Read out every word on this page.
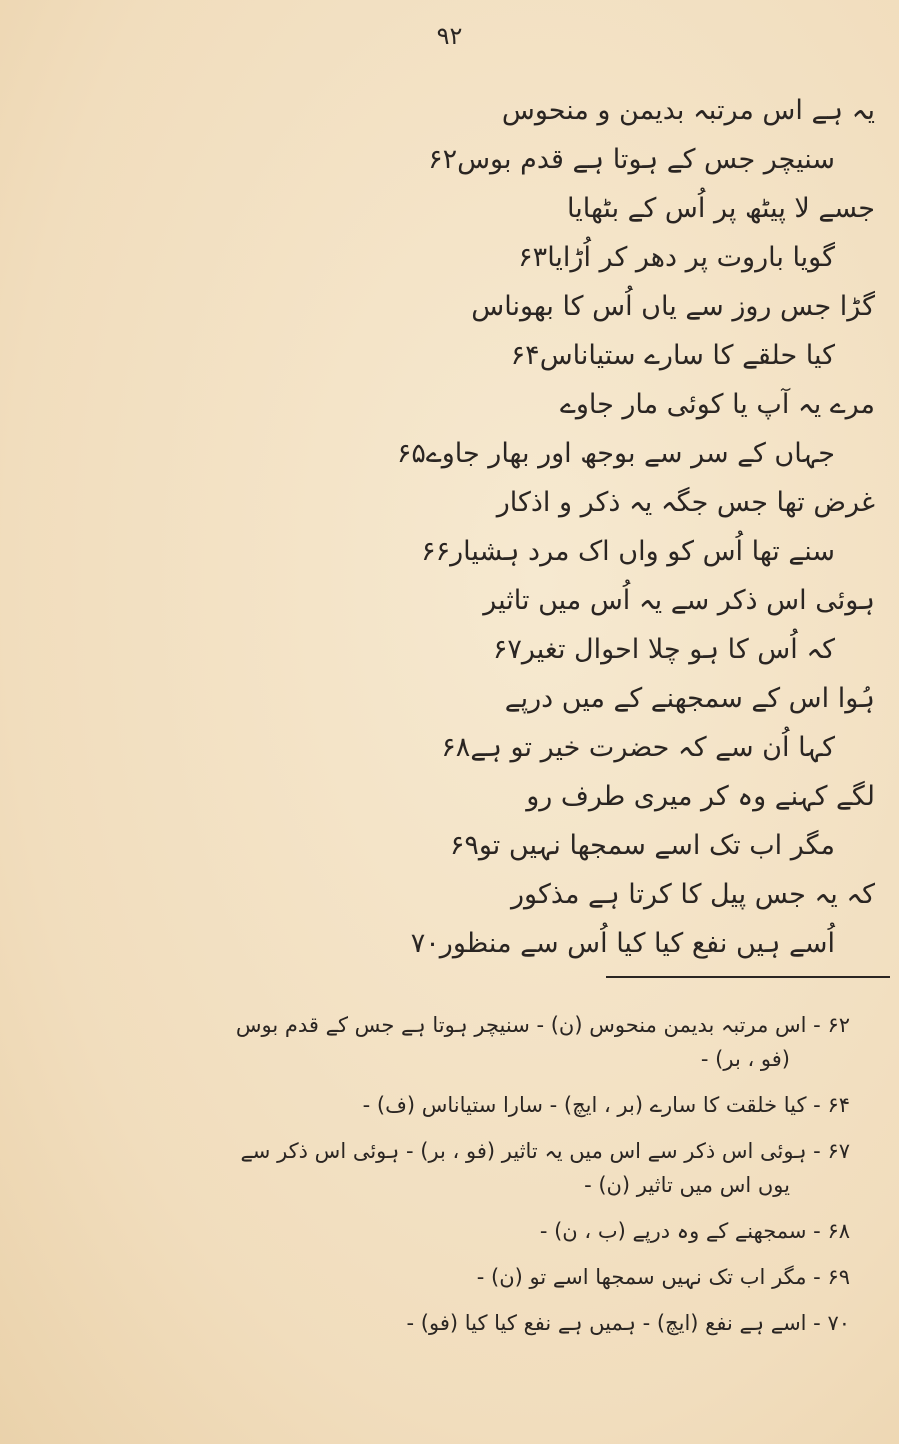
۹۲
یہ ہے اس مرتبہ بدیمن و منحوس
سنیچر جس کے ہوتا ہے قدم بوس۶۲
جسے لا پیٹھ پر اُس کے بٹھایا
گویا باروت پر دھر کر اُڑایا۶۳
گڑا جس روز سے یاں اُس کا بھوناس
کیا حلقے کا سارے ستیاناس۶۴
مرے یہ آپ یا کوئی مار جاوے
جہاں کے سر سے بوجھ اور بھار جاوے۶۵
غرض تھا جس جگہ یہ ذکر و اذکار
سنے تھا اُس کو واں اک مرد ہشیار۶۶
ہوئی اس ذکر سے یہ اُس میں تاثیر
کہ اُس کا ہو چلا احوال تغیر۶۷
ہُوا اس کے سمجھنے کے میں درپے
کہا اُن سے کہ حضرت خیر تو ہے۶۸
لگے کہنے وہ کر میری طرف رو
مگر اب تک اسے سمجھا نہیں تو۶۹
کہ یہ جس پیل کا کرتا ہے مذکور
اُسے ہیں نفع کیا کیا اُس سے منظور۷۰
۶۲ - اس مرتبہ بدیمن منحوس (ن) - سنیچر ہوتا ہے جس کے قدم بوس
(فو ، بر) -
۶۴ - کیا خلقت کا سارے (بر ، ایچ) - سارا ستیاناس (ف) -
۶۷ - ہوئی اس ذکر سے اس میں یہ تاثیر (فو ، بر) - ہوئی اس ذکر سے
یوں اس میں تاثیر (ن) -
۶۸ - سمجھنے کے وہ درپے (ب ، ن) -
۶۹ - مگر اب تک نہیں سمجھا اسے تو (ن) -
۷۰ - اسے ہے نفع (ایچ) - ہمیں ہے نفع کیا کیا (فو) -
